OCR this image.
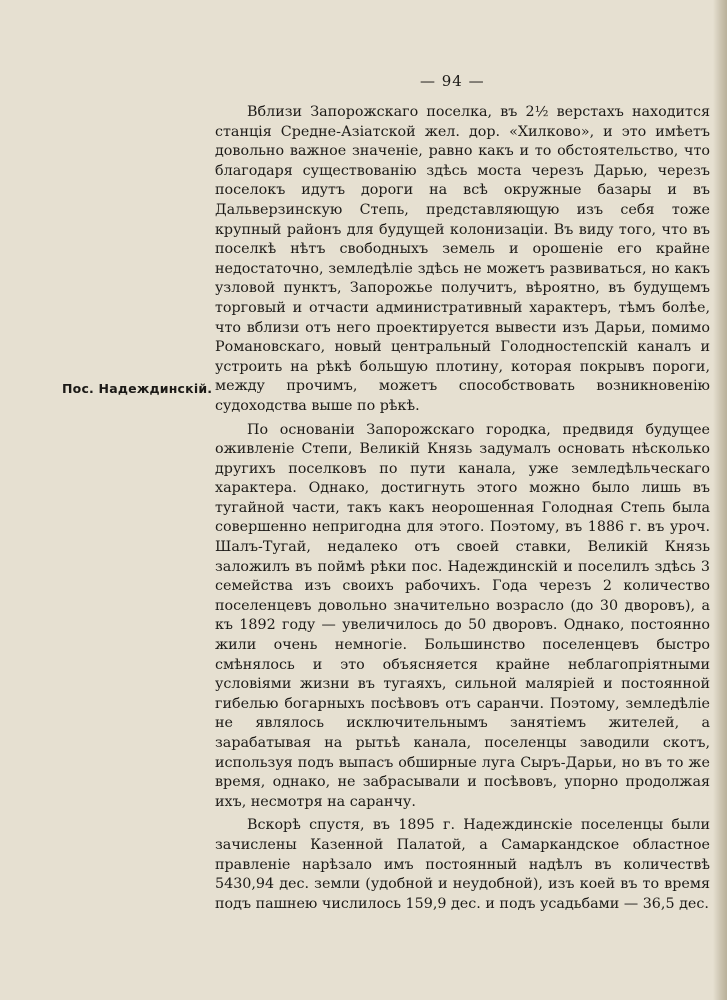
— 94 —
Пос. Надеждинскій.

Вблизи Запорожскаго поселка, въ 2½ верстахъ находится станція Средне-Азіатской жел. дор. «Хилково», и это имѣетъ довольно важное значеніе, равно какъ и то обстоятельство, что благодаря существованію здѣсь моста черезъ Дарью, черезъ поселокъ идутъ дороги на всѣ окружные базары и въ Дальверзинскую Степь, представляющую изъ себя тоже крупный районъ для будущей колонизаціи. Въ виду того, что въ поселкѣ нѣтъ свободныхъ земель и орошеніе его крайне недостаточно, земледѣліе здѣсь не можетъ развиваться, но какъ узловой пунктъ, Запорожье получитъ, вѣроятно, въ будущемъ торговый и отчасти административный характеръ, тѣмъ болѣе, что вблизи отъ него проектируется вывести изъ Дарьи, помимо Романовскаго, новый центральный Голодностепскій каналъ и устроить на рѣкѣ большую плотину, которая покрывъ пороги, между прочимъ, можетъ способствовать возникновенію судоходства выше по рѣкѣ.

По основаніи Запорожскаго городка, предвидя будущее оживленіе Степи, Великій Князь задумалъ основать нѣсколько другихъ поселковъ по пути канала, уже земледѣльческаго характера. Однако, достигнуть этого можно было лишь въ тугайной части, такъ какъ неорошенная Голодная Степь была совершенно непригодна для этого. Поэтому, въ 1886 г. въ уроч. Шалъ-Тугай, недалеко отъ своей ставки, Великій Князь заложилъ въ поймѣ рѣки пос. Надеждинскій и поселилъ здѣсь 3 семейства изъ своихъ рабочихъ. Года черезъ 2 количество поселенцевъ довольно значительно возрасло (до 30 дворовъ), а къ 1892 году — увеличилось до 50 дворовъ. Однако, постоянно жили очень немногіе. Большинство поселенцевъ быстро смѣнялось и это объясняется крайне неблагопріятными условіями жизни въ тугаяхъ, сильной маляріей и постоянной гибелью богарныхъ посѣвовъ отъ саранчи. Поэтому, земледѣліе не являлось исключительнымъ занятіемъ жителей, а зарабатывая на рытьѣ канала, поселенцы заводили скотъ, используя подъ выпасъ обширные луга Сыръ-Дарьи, но въ то же время, однако, не забрасывали и посѣвовъ, упорно продолжая ихъ, несмотря на саранчу.

Вскорѣ спустя, въ 1895 г. Надеждинскіе поселенцы были зачислены Казенной Палатой, а Самаркандское областное правленіе нарѣзало имъ постоянный надѣлъ въ количествѣ 5430,94 дес. земли (удобной и неудобной), изъ коей въ то время подъ пашнею числилось 159,9 дес. и подъ усадьбами — 36,5 дес.
